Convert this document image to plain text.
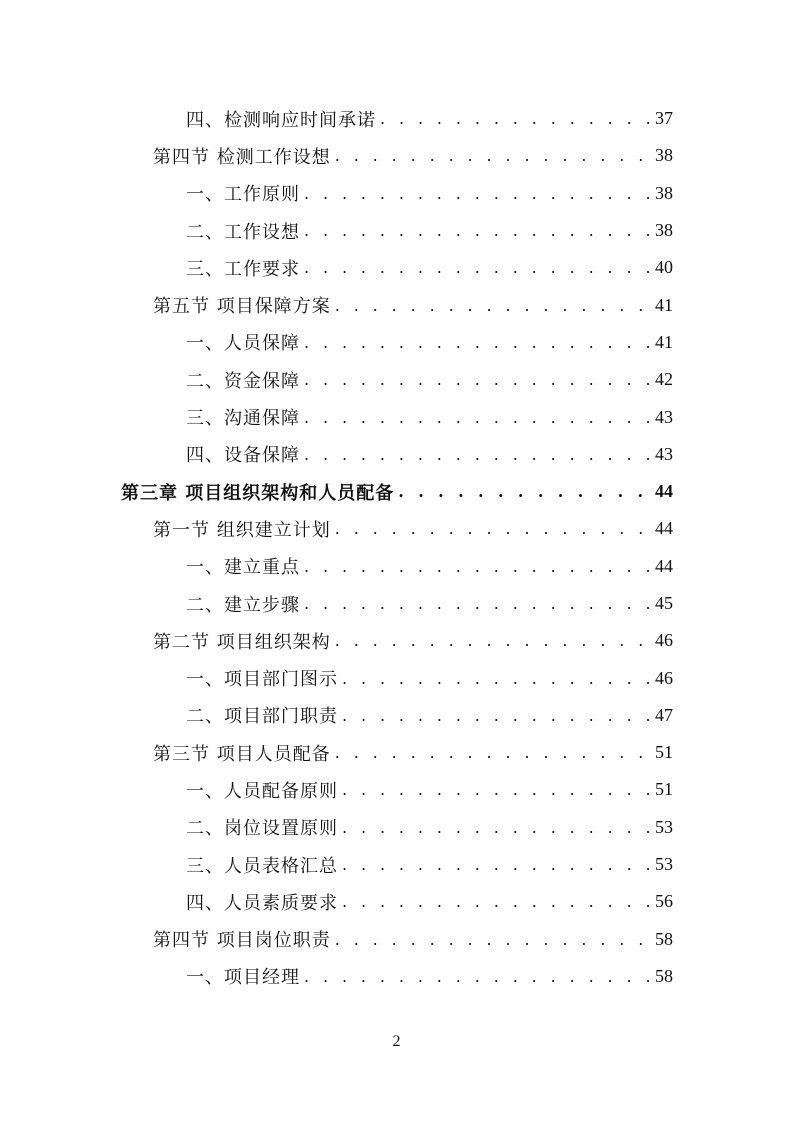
四、检测响应时间承诺 . . .	37
第四节 检测工作设想 . . .	38
一、工作原则 . . .	38
二、工作设想 . . .	38
三、工作要求 . . .	40
第五节 项目保障方案 . . .	41
一、人员保障 . . .	41
二、资金保障 . . .	42
三、沟通保障 . . .	43
四、设备保障 . . .	43
第三章 项目组织架构和人员配备 . . .	44
第一节 组织建立计划 . . .	44
一、建立重点 . . .	44
二、建立步骤 . . .	45
第二节 项目组织架构 . . .	46
一、项目部门图示 . . .	46
二、项目部门职责 . . .	47
第三节 项目人员配备 . . .	51
一、人员配备原则 . . .	51
二、岗位设置原则 . . .	53
三、人员表格汇总 . . .	53
四、人员素质要求 . . .	56
第四节 项目岗位职责 . . .	58
一、项目经理 . . .	58
2
